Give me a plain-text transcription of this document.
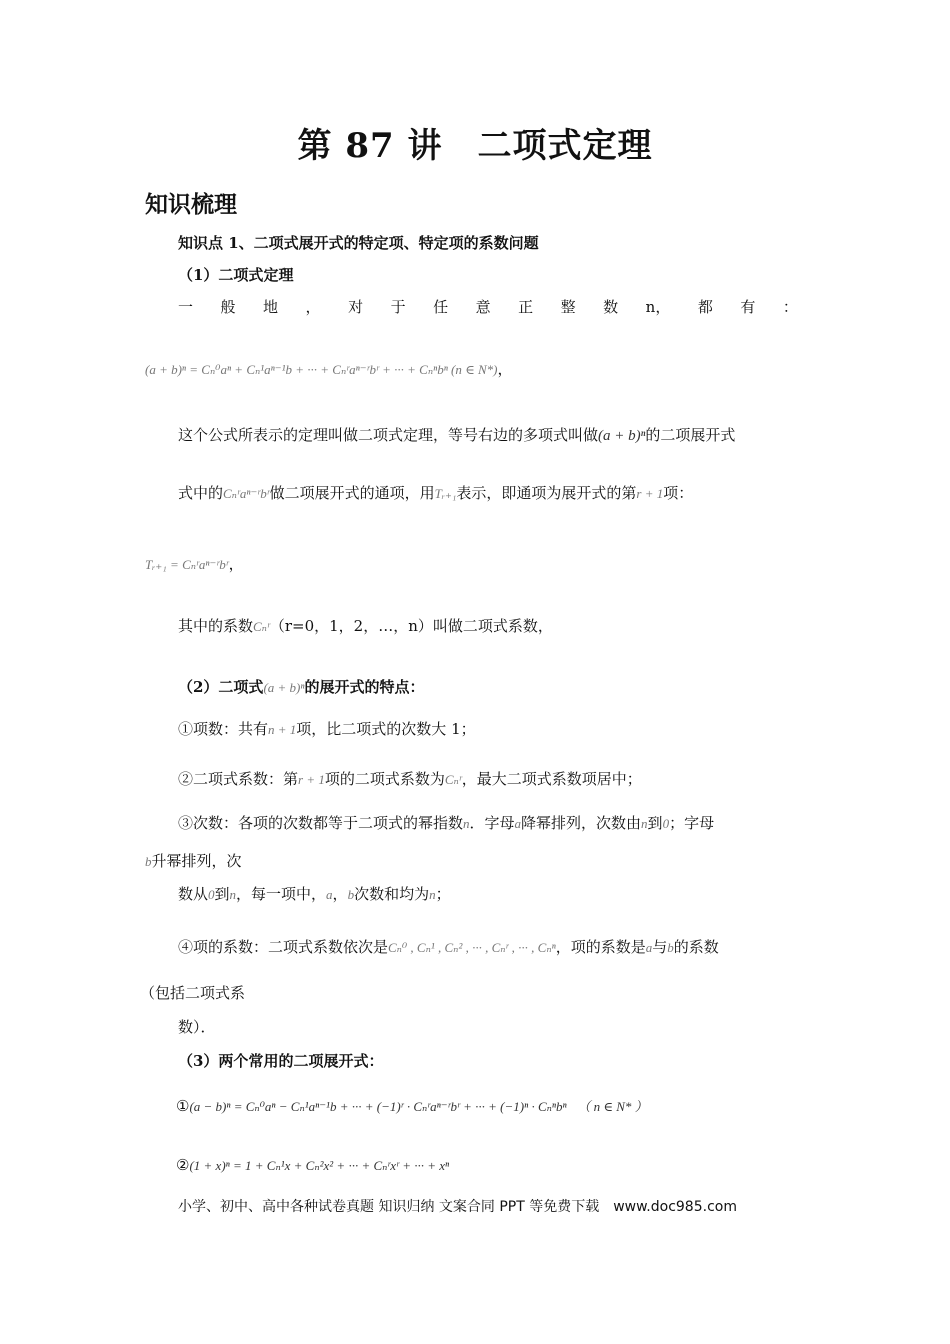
第 87 讲　二项式定理
知识梳理
知识点 1、二项式展开式的特定项、特定项的系数问题
（1）二项式定理
一 般 地 ， 对 于 任 意 正 整 数 n， 都 有 ：
(a + b)ⁿ = Cₙ⁰aⁿ + Cₙ¹aⁿ⁻¹b + ··· + Cₙʳaⁿ⁻ʳbʳ + ··· + Cₙⁿbⁿ (n ∈ N*)，
这个公式所表示的定理叫做二项式定理，等号右边的多项式叫做(a + b)ⁿ的二项展开式
式中的Cₙʳaⁿ⁻ʳbʳ做二项展开式的通项，用Tᵣ₊₁表示，即通项为展开式的第r + 1项：
Tᵣ₊₁ = Cₙʳaⁿ⁻ʳbʳ，
其中的系数Cₙʳ（r=0，1，2，…，n）叫做二项式系数，
（2）二项式(a + b)ⁿ的展开式的特点：
①项数：共有n + 1项，比二项式的次数大 1；
②二项式系数：第r + 1项的二项式系数为Cₙʳ，最大二项式系数项居中；
③次数：各项的次数都等于二项式的幂指数n．字母a降幂排列，次数由n到0；字母
b升幂排列，次
数从0到n，每一项中，a，b次数和均为n；
④项的系数：二项式系数依次是Cₙ⁰ , Cₙ¹ , Cₙ² , ··· , Cₙʳ , ··· , Cₙⁿ，项的系数是a与b的系数
（包括二项式系
数）．
（3）两个常用的二项展开式：
①(a − b)ⁿ = Cₙ⁰aⁿ − Cₙ¹aⁿ⁻¹b + ··· + (−1)ʳ · Cₙʳaⁿ⁻ʳbʳ + ··· + (−1)ⁿ · Cₙⁿbⁿ （ n ∈ N* ）
②(1 + x)ⁿ = 1 + Cₙ¹x + Cₙ²x² + ··· + Cₙʳxʳ + ··· + xⁿ
小学、初中、高中各种试卷真题 知识归纳 文案合同 PPT 等免费下载　www.doc985.com
